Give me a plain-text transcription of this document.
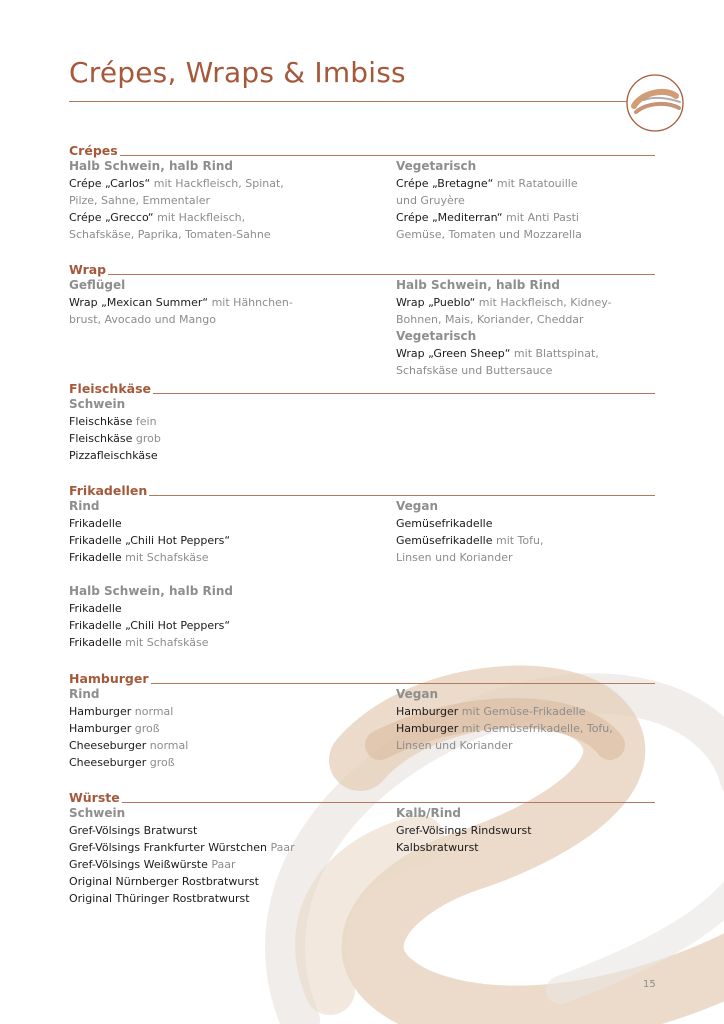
Crépes, Wraps & Imbiss
Crépes
Halb Schwein, halb Rind
Crépe „Carlos“ mit Hackfleisch, Spinat,
Pilze, Sahne, Emmentaler
Crépe „Grecco“ mit Hackfleisch,
Schafskäse, Paprika, Tomaten-Sahne
Vegetarisch
Crépe „Bretagne“ mit Ratatouille
und Gruyère
Crépe „Mediterran“ mit Anti Pasti
Gemüse, Tomaten und Mozzarella
Wrap
Geflügel
Wrap „Mexican Summer“ mit Hähnchen-
brust, Avocado und Mango
Halb Schwein, halb Rind
Wrap „Pueblo“ mit Hackfleisch, Kidney-
Bohnen, Mais, Koriander, Cheddar
Vegetarisch
Wrap „Green Sheep“ mit Blattspinat,
Schafskäse und Buttersauce
Fleischkäse
Schwein
Fleischkäse fein
Fleischkäse grob
Pizzafleischkäse
Frikadellen
Rind
Frikadelle
Frikadelle „Chili Hot Peppers“
Frikadelle mit Schafskäse
Halb Schwein, halb Rind
Frikadelle
Frikadelle „Chili Hot Peppers“
Frikadelle mit Schafskäse
Vegan
Gemüsefrikadelle
Gemüsefrikadelle mit Tofu,
Linsen und Koriander
Hamburger
Rind
Hamburger normal
Hamburger groß
Cheeseburger normal
Cheeseburger groß
Vegan
Hamburger mit Gemüse-Frikadelle
Hamburger mit Gemüsefrikadelle, Tofu,
Linsen und Koriander
Würste
Schwein
Gref-Völsings Bratwurst
Gref-Völsings Frankfurter Würstchen Paar
Gref-Völsings Weißwürste Paar
Original Nürnberger Rostbratwurst
Original Thüringer Rostbratwurst
Kalb/Rind
Gref-Völsings Rindswurst
Kalbsbratwurst
15
